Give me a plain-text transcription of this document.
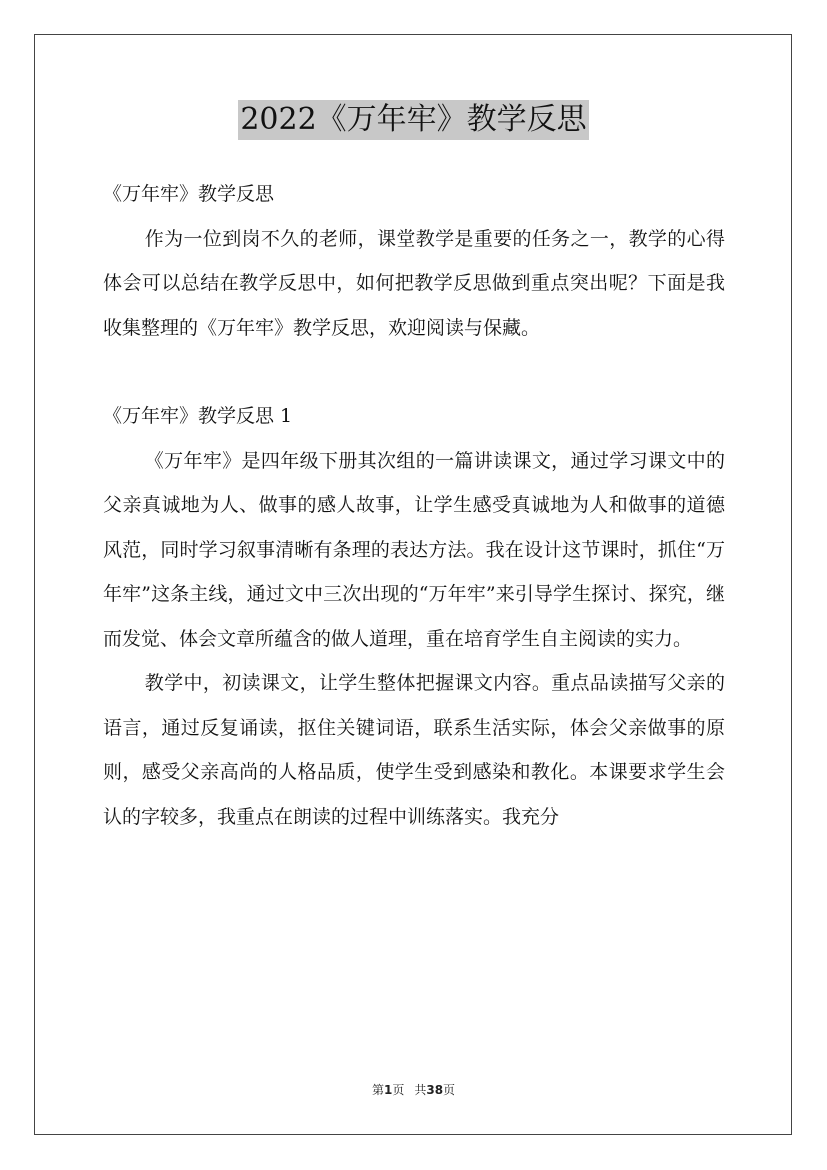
2022《万年牢》教学反思

《万年牢》教学反思

作为一位到岗不久的老师，课堂教学是重要的任务之一，教学的心得体会可以总结在教学反思中，如何把教学反思做到重点突出呢？下面是我收集整理的《万年牢》教学反思，欢迎阅读与保藏。

《万年牢》教学反思 1

《万年牢》是四年级下册其次组的一篇讲读课文，通过学习课文中的父亲真诚地为人、做事的感人故事，让学生感受真诚地为人和做事的道德风范，同时学习叙事清晰有条理的表达方法。我在设计这节课时，抓住“万年牢”这条主线，通过文中三次出现的“万年牢”来引导学生探讨、探究，继而发觉、体会文章所蕴含的做人道理，重在培育学生自主阅读的实力。

教学中，初读课文，让学生整体把握课文内容。重点品读描写父亲的语言，通过反复诵读，抠住关键词语，联系生活实际，体会父亲做事的原则，感受父亲高尚的人格品质，使学生受到感染和教化。本课要求学生会认的字较多，我重点在朗读的过程中训练落实。我充分

第1页 共38页
